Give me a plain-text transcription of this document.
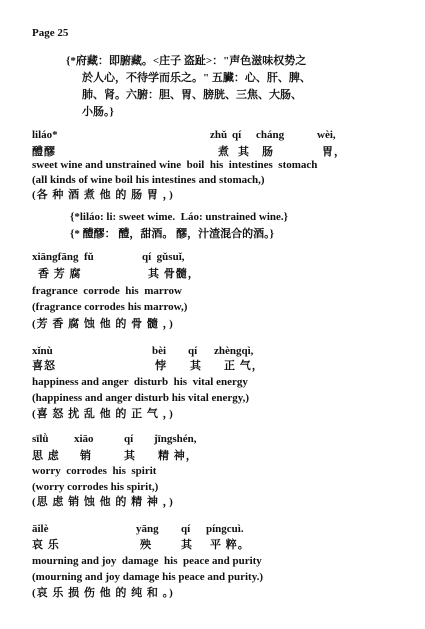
Page 25
{*府藏：即腑藏。<庄子 盗趾>："声色滋味权势之
於人心，不待学而乐之。" 五臟：心、肝、脾、
肺、肾。六腑：胆、胃、膀胱、三焦、大肠、
小肠。}
liláo*	zhǔ qí cháng	wèi,
醴醪	煮 其 肠	胃，
sweet wine and unstrained wine  boil  his  intestines  stomach
(all kinds of wine boil his intestines and stomach,)
(各 种 酒 煮 他 的 肠 胃 ，)
{*liláo: li: sweet wime.  Láo: unstrained wine.}
{* 醴醪： 醴，甜酒。 醪，汁渣混合的酒。}
xiāngfāng  fǔ	qí  gǔsuǐ,
香 芳 腐	其 骨髓，
fragrance  corrode  his  marrow
(fragrance corrodes his marrow,)
(芳 香 腐 蚀 他 的 骨 髓 ，)
xǐnù	bèi qí zhèngqì,
喜怒	悖 其 正 气，
happiness and anger  disturb  his  vital energy
(happiness and anger disturb his vital energy,)
(喜 怒 扰 乱 他 的 正 气 ，)
sīlǜ xiāo	qí jīngshén,
思 虑 销	其 精 神，
worry  corrodes  his  spirit
(worry corrodes his spirit,)
(思 虑 销 蚀 他 的 精 神 ，)
āilè	yāng qí píngcuì.
哀 乐	殃	其 平 粹。
mourning and joy  damage  his  peace and purity
(mourning and joy damage his peace and purity.)
(哀 乐 损 伤 他 的 纯 和 。)
